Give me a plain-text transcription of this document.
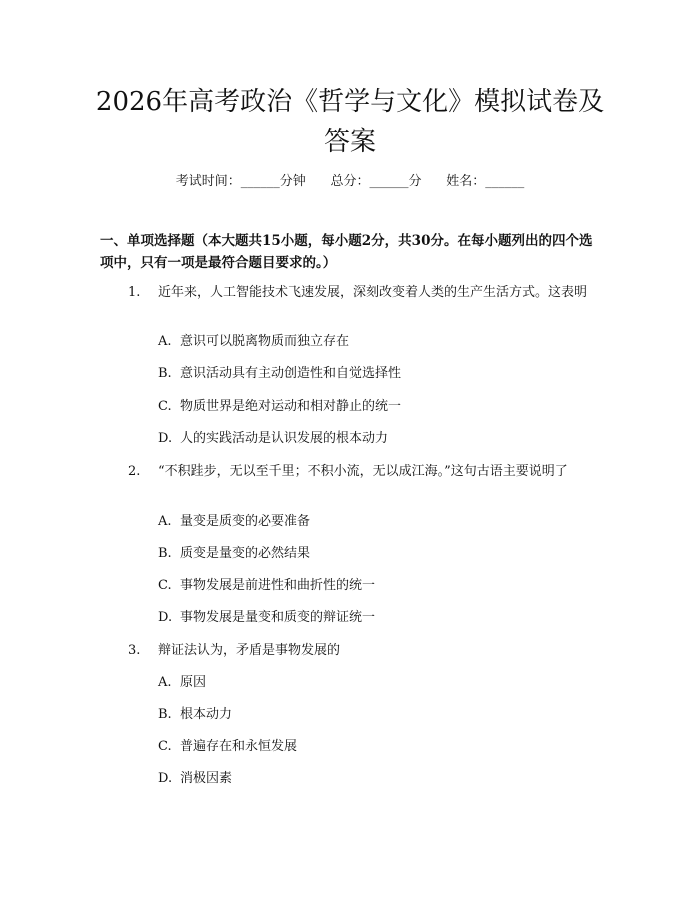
2026年高考政治《哲学与文化》模拟试卷及答案
考试时间：______分钟      总分：______分      姓名：______
一、单项选择题（本大题共15小题，每小题2分，共30分。在每小题列出的四个选项中，只有一项是最符合题目要求的。）
1. 近年来，人工智能技术飞速发展，深刻改变着人类的生产生活方式。这表明
A. 意识可以脱离物质而独立存在
B. 意识活动具有主动创造性和自觉选择性
C. 物质世界是绝对运动和相对静止的统一
D. 人的实践活动是认识发展的根本动力
2. “不积跬步，无以至千里；不积小流，无以成江海。”这句古语主要说明了
A. 量变是质变的必要准备
B. 质变是量变的必然结果
C. 事物发展是前进性和曲折性的统一
D. 事物发展是量变和质变的辩证统一
3. 辩证法认为，矛盾是事物发展的
A. 原因
B. 根本动力
C. 普遍存在和永恒发展
D. 消极因素
